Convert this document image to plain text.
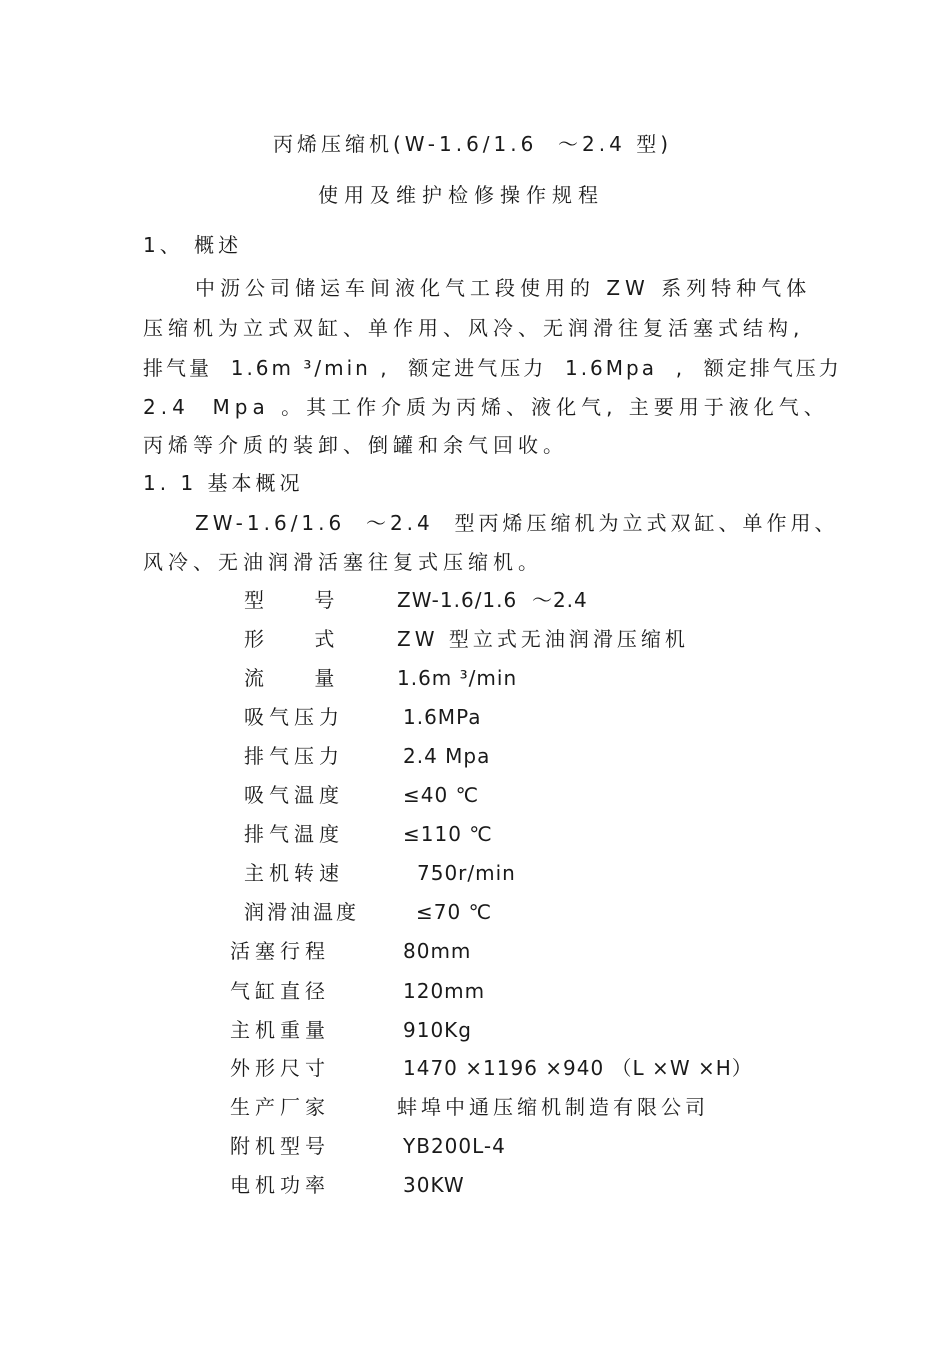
丙烯压缩机(W-1.6/1.6  ～2.4 型)
使用及维护检修操作规程
1、 概述
中沥公司储运车间液化气工段使用的 ZW 系列特种气体
压缩机为立式双缸、单作用、风冷、无润滑往复活塞式结构,
排气量  1.6m ³/min ,  额定进气压力  1.6Mpa  ,  额定排气压力
2.4  Mpa 。其工作介质为丙烯、液化气, 主要用于液化气、
丙烯等介质的装卸、倒罐和余气回收。
1. 1 基本概况
ZW-1.6/1.6  ～2.4  型丙烯压缩机为立式双缸、单作用、
风冷、无油润滑活塞往复式压缩机。
型    号	ZW-1.6/1.6  ～2.4
形    式	ZW 型立式无油润滑压缩机
流    量	1.6m ³/min
吸气压力	1.6MPa
排气压力	2.4 Mpa
吸气温度	≤40 ℃
排气温度	≤110 ℃
主机转速	750r/min
润滑油温度	≤70 ℃
活塞行程	80mm
气缸直径	120mm
主机重量	910Kg
外形尺寸	1470 ×1196 ×940 （L ×W ×H）
生产厂家	蚌埠中通压缩机制造有限公司
附机型号	YB200L-4
电机功率	30KW
